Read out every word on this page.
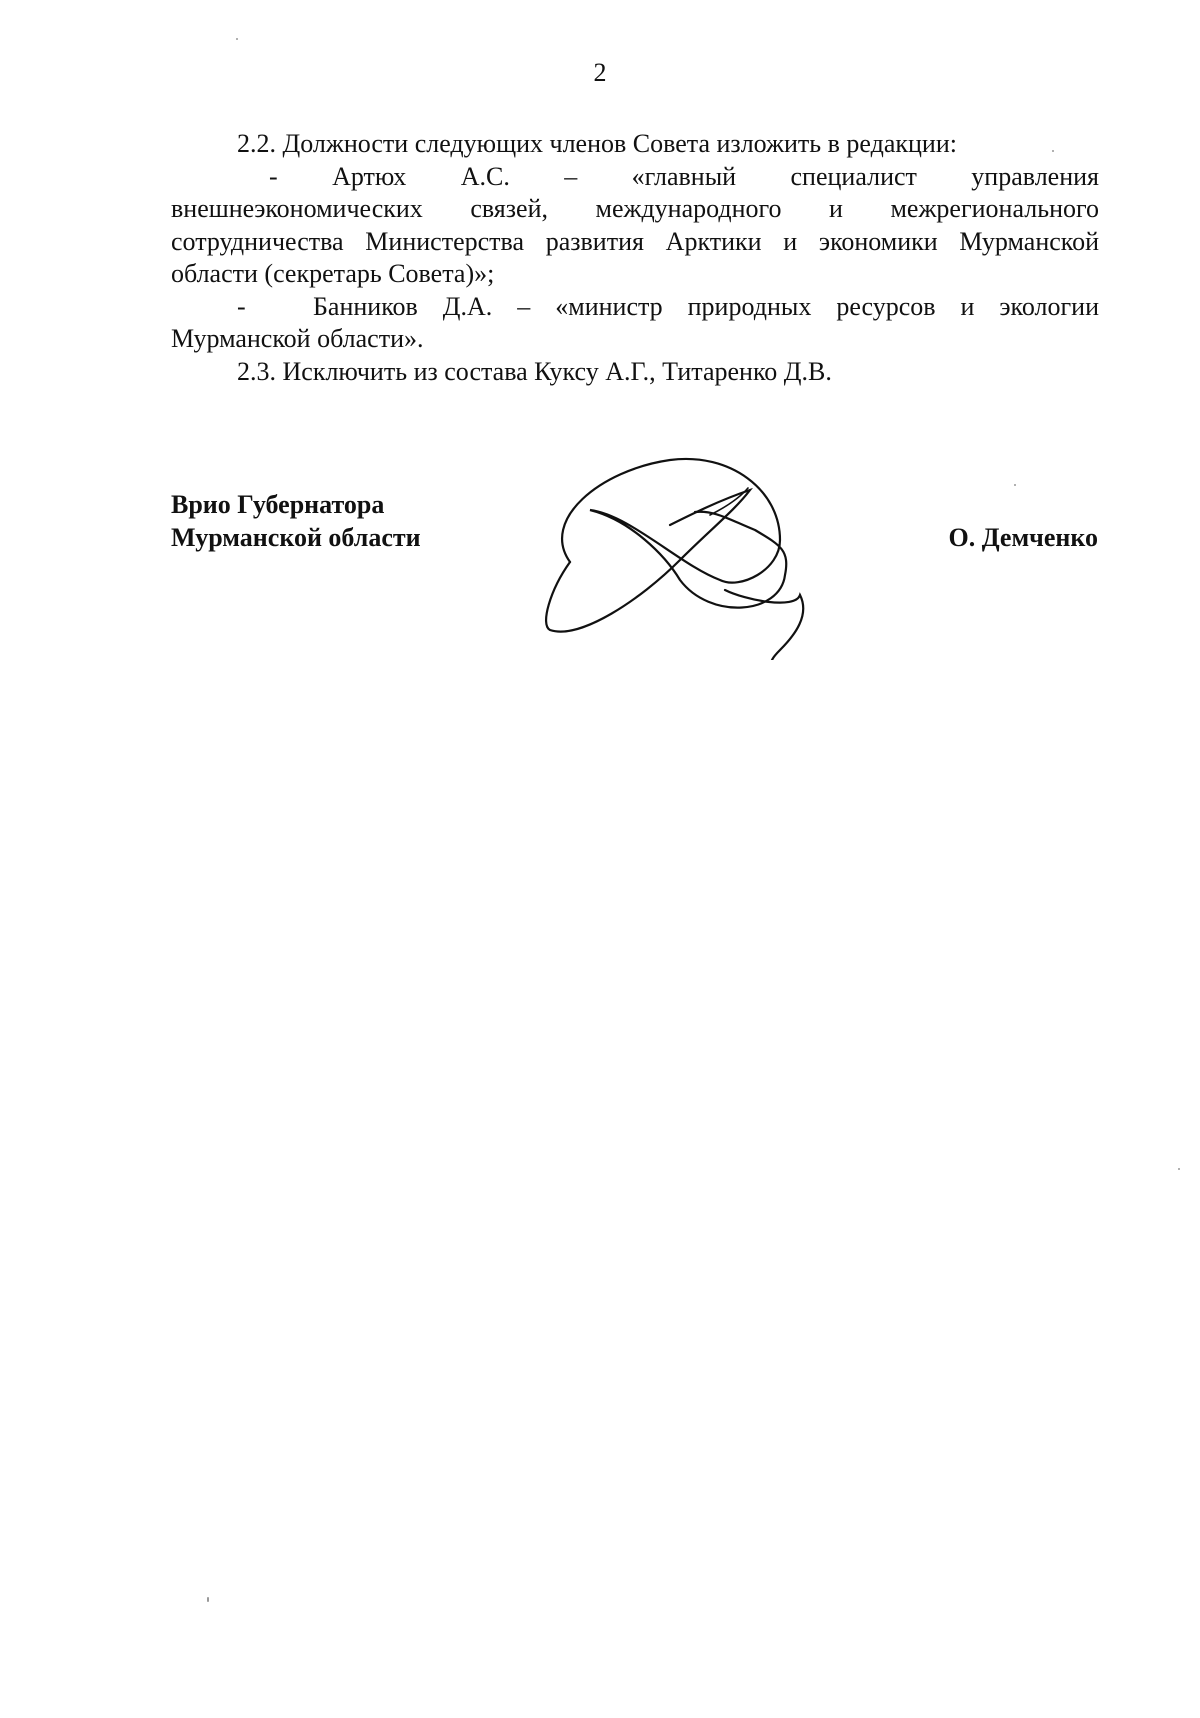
2

2.2. Должности следующих членов Совета изложить в редакции:

- Артюх А.С. – «главный специалист управления

внешнеэкономических связей, международного и межрегионального

сотрудничества Министерства развития Арктики и экономики Мурманской области (секретарь Совета)»;

-	Банников Д.А. – «министр природных ресурсов и экологии Мурманской области».

2.3. Исключить из состава Куксу А.Г., Титаренко Д.В.

Врио Губернатора
Мурманской области	О. Демченко
